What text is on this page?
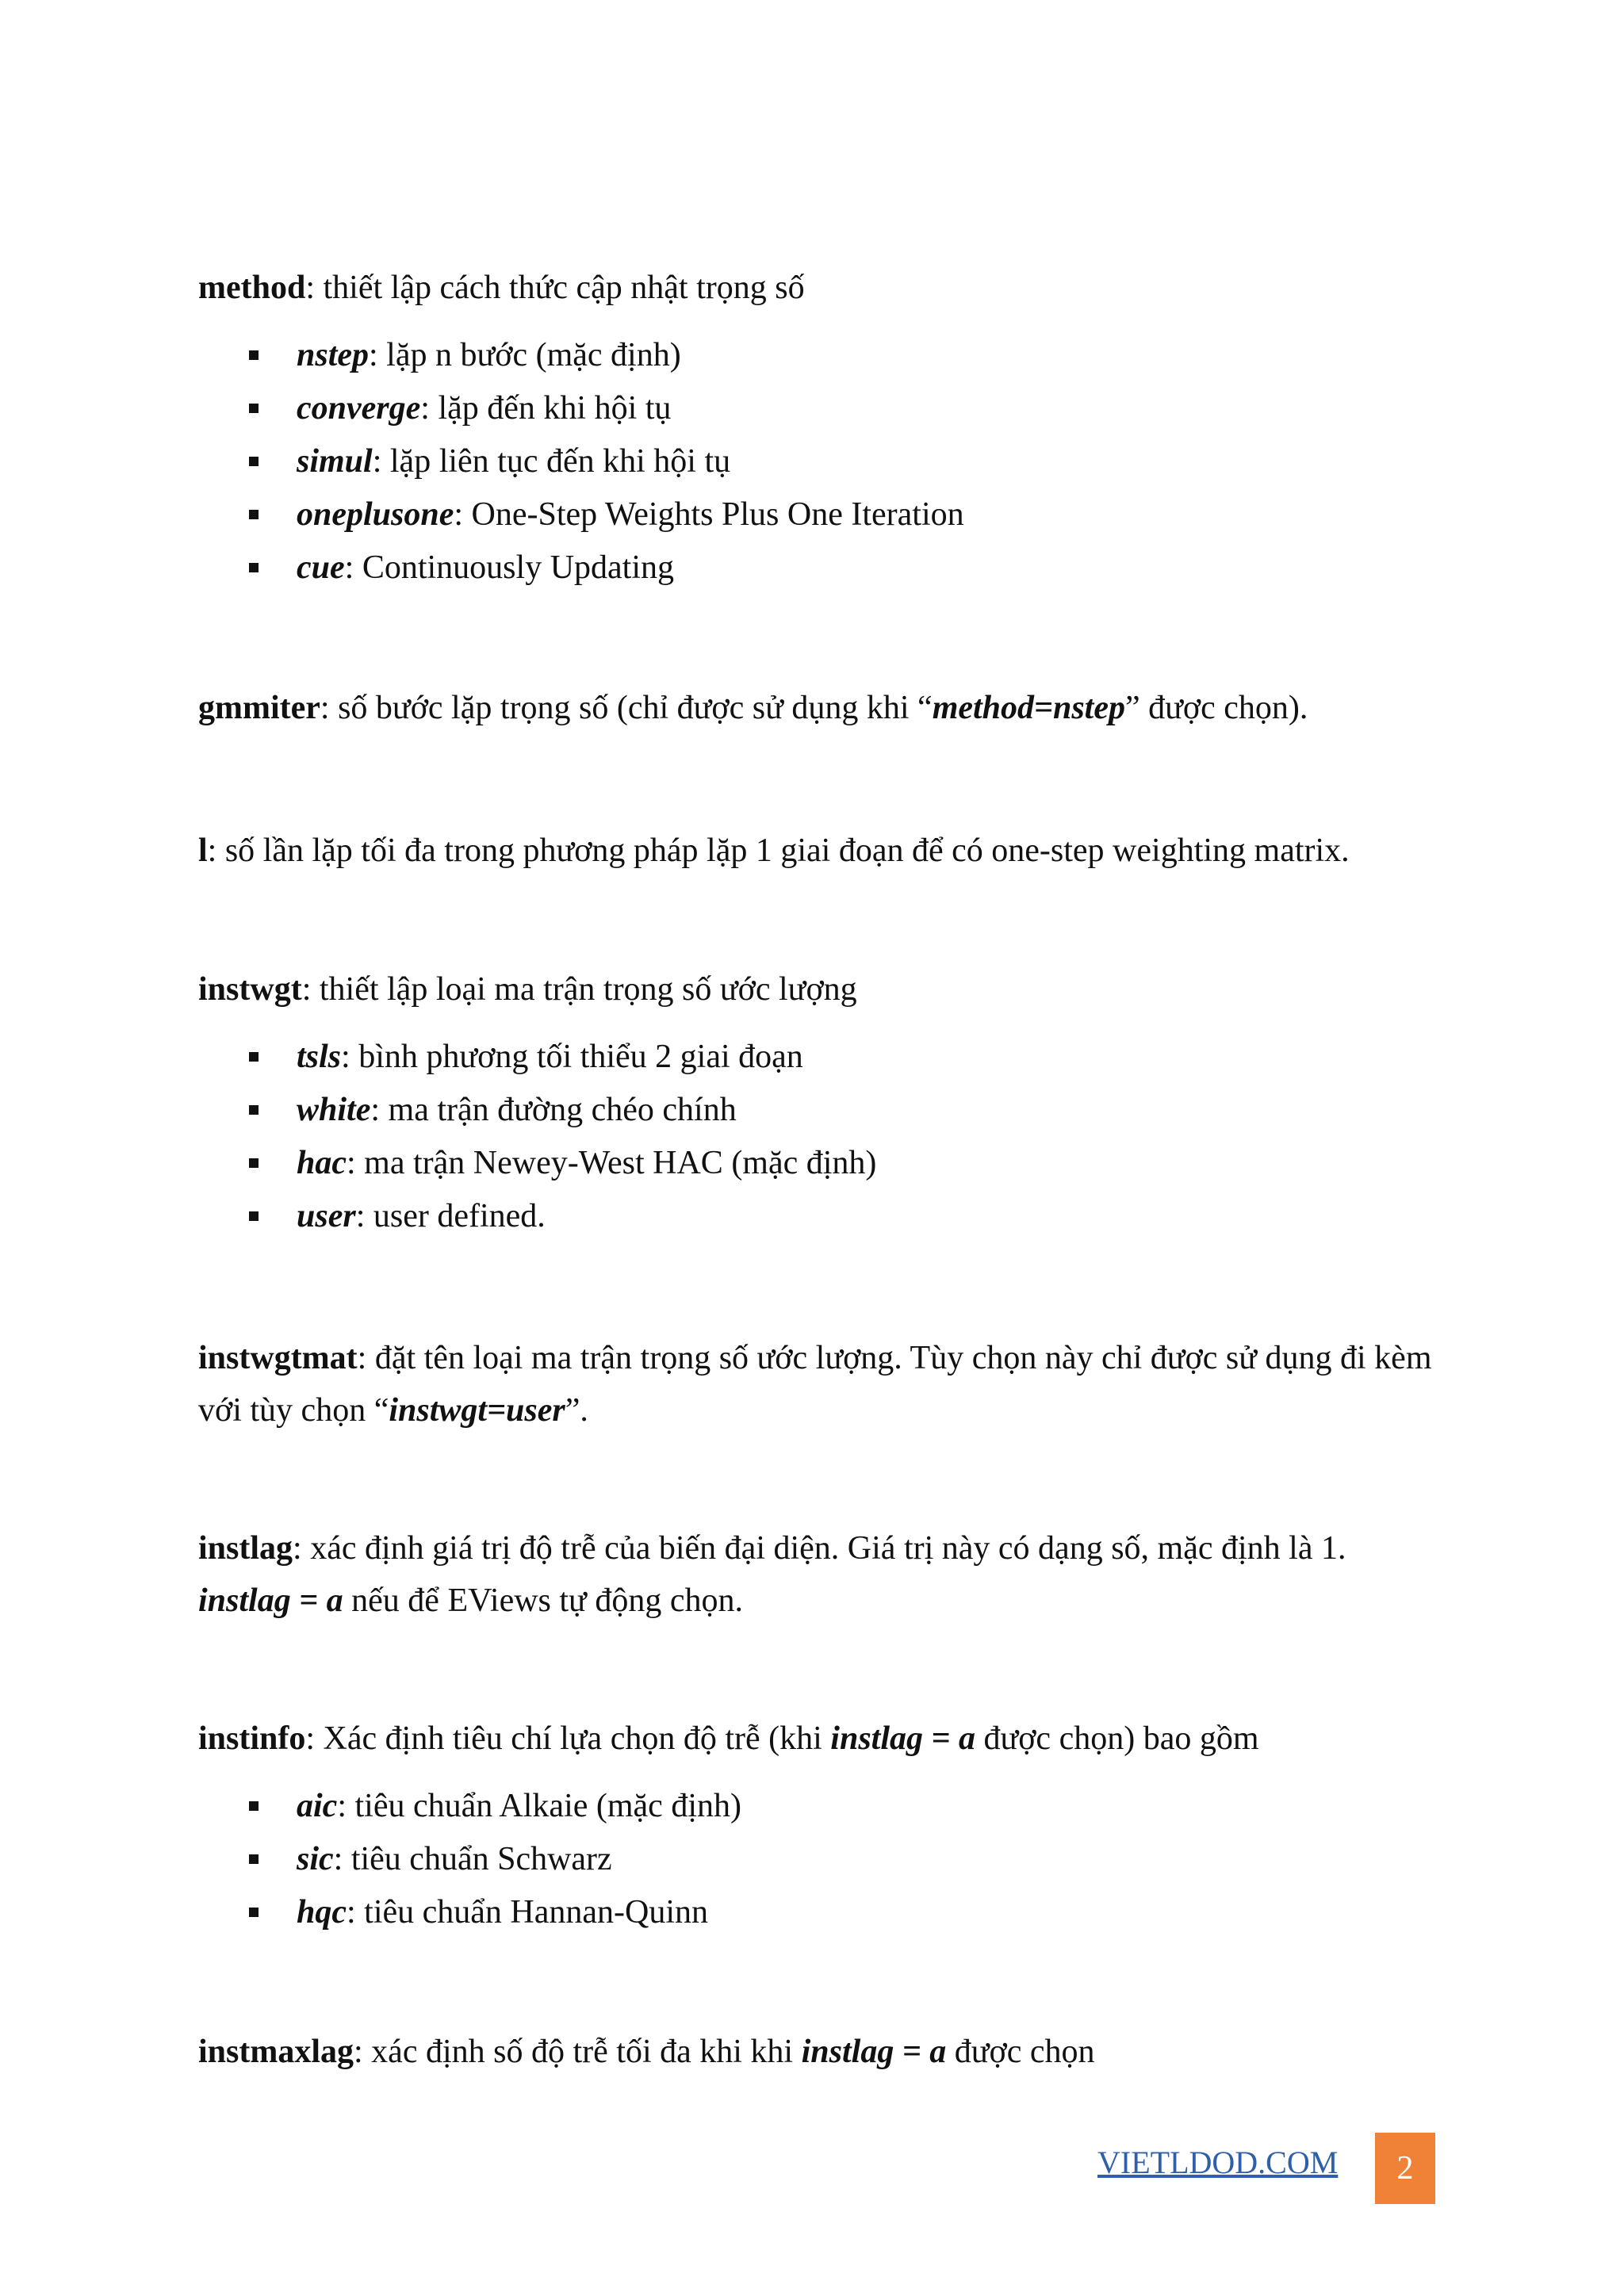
method: thiết lập cách thức cập nhật trọng số

nstep: lặp n bước (mặc định)
converge: lặp đến khi hội tụ
simul: lặp liên tục đến khi hội tụ
oneplusone: One-Step Weights Plus One Iteration
cue: Continuously Updating

gmmiter: số bước lặp trọng số (chỉ được sử dụng khi “method=nstep” được chọn).

l: số lần lặp tối đa trong phương pháp lặp 1 giai đoạn để có one-step weighting matrix.

instwgt: thiết lập loại ma trận trọng số ước lượng

tsls: bình phương tối thiểu 2 giai đoạn
white: ma trận đường chéo chính
hac: ma trận Newey-West HAC (mặc định)
user: user defined.

instwgtmat: đặt tên loại ma trận trọng số ước lượng. Tùy chọn này chỉ được sử dụng đi kèm với tùy chọn “instwgt=user”.

instlag: xác định giá trị độ trễ của biến đại diện. Giá trị này có dạng số, mặc định là 1.
instlag = a nếu để EViews tự động chọn.

instinfo: Xác định tiêu chí lựa chọn độ trễ (khi instlag = a được chọn) bao gồm

aic: tiêu chuẩn Alkaie (mặc định)
sic: tiêu chuẩn Schwarz
hqc: tiêu chuẩn Hannan-Quinn

instmaxlag: xác định số độ trễ tối đa khi khi instlag = a được chọn

VIETLDOD.COM	2
